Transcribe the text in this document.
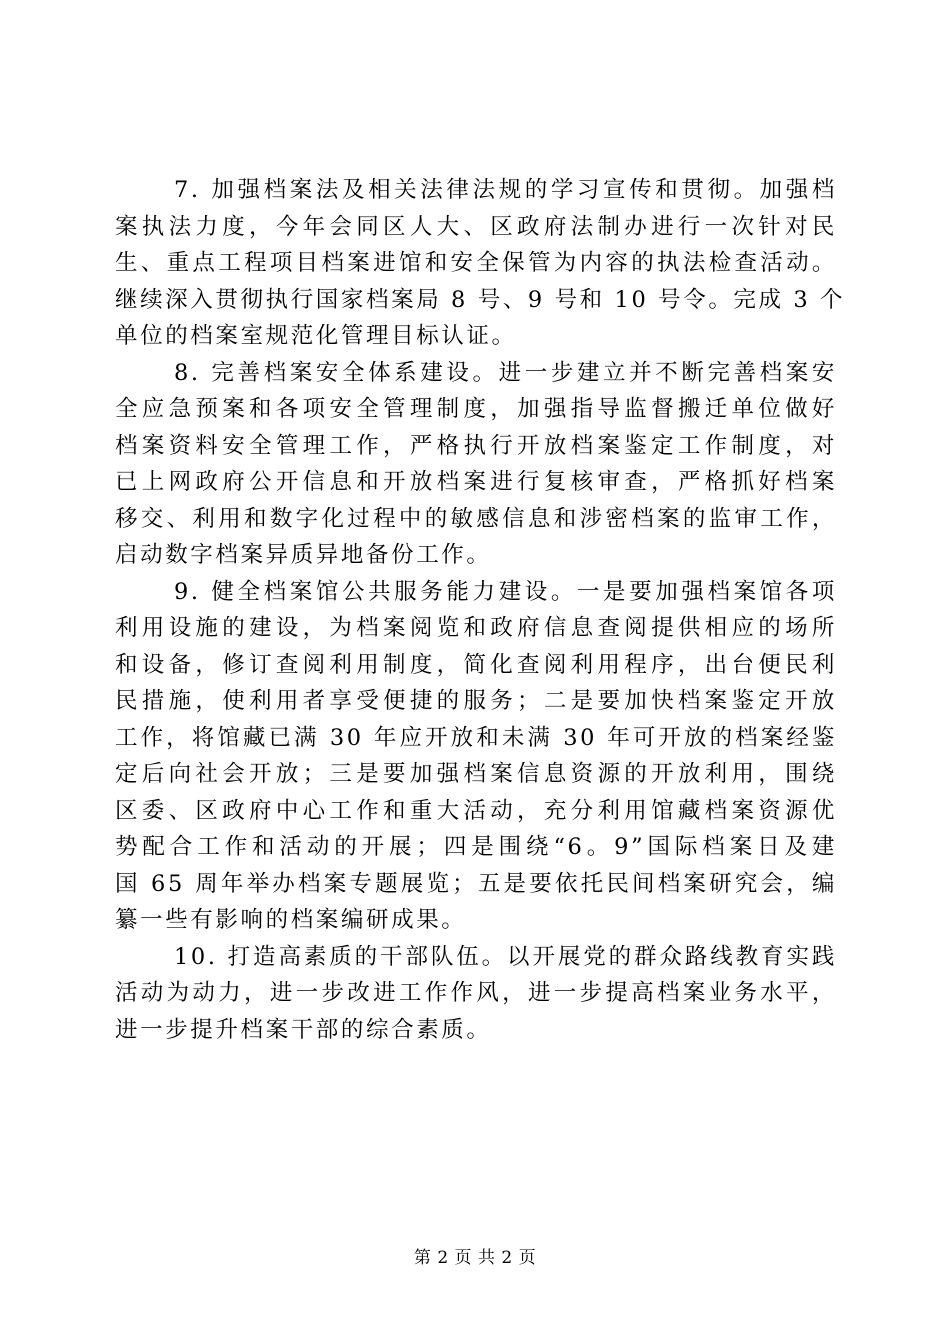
7. 加强档案法及相关法律法规的学习宣传和贯彻。加强档
案执法力度，今年会同区人大、区政府法制办进行一次针对民
生、重点工程项目档案进馆和安全保管为内容的执法检查活动。
继续深入贯彻执行国家档案局 8 号、9 号和 10 号令。完成 3 个
单位的档案室规范化管理目标认证。
8. 完善档案安全体系建设。进一步建立并不断完善档案安
全应急预案和各项安全管理制度，加强指导监督搬迁单位做好
档案资料安全管理工作，严格执行开放档案鉴定工作制度，对
已上网政府公开信息和开放档案进行复核审查，严格抓好档案
移交、利用和数字化过程中的敏感信息和涉密档案的监审工作，
启动数字档案异质异地备份工作。
9. 健全档案馆公共服务能力建设。一是要加强档案馆各项
利用设施的建设，为档案阅览和政府信息查阅提供相应的场所
和设备，修订查阅利用制度，简化查阅利用程序，出台便民利
民措施，使利用者享受便捷的服务；二是要加快档案鉴定开放
工作，将馆藏已满 30 年应开放和未满 30 年可开放的档案经鉴
定后向社会开放；三是要加强档案信息资源的开放利用，围绕
区委、区政府中心工作和重大活动，充分利用馆藏档案资源优
势配合工作和活动的开展；四是围绕“6。9”国际档案日及建
国 65 周年举办档案专题展览；五是要依托民间档案研究会，编
纂一些有影响的档案编研成果。
10. 打造高素质的干部队伍。以开展党的群众路线教育实践
活动为动力，进一步改进工作作风，进一步提高档案业务水平，
进一步提升档案干部的综合素质。
第 2 页 共 2 页
